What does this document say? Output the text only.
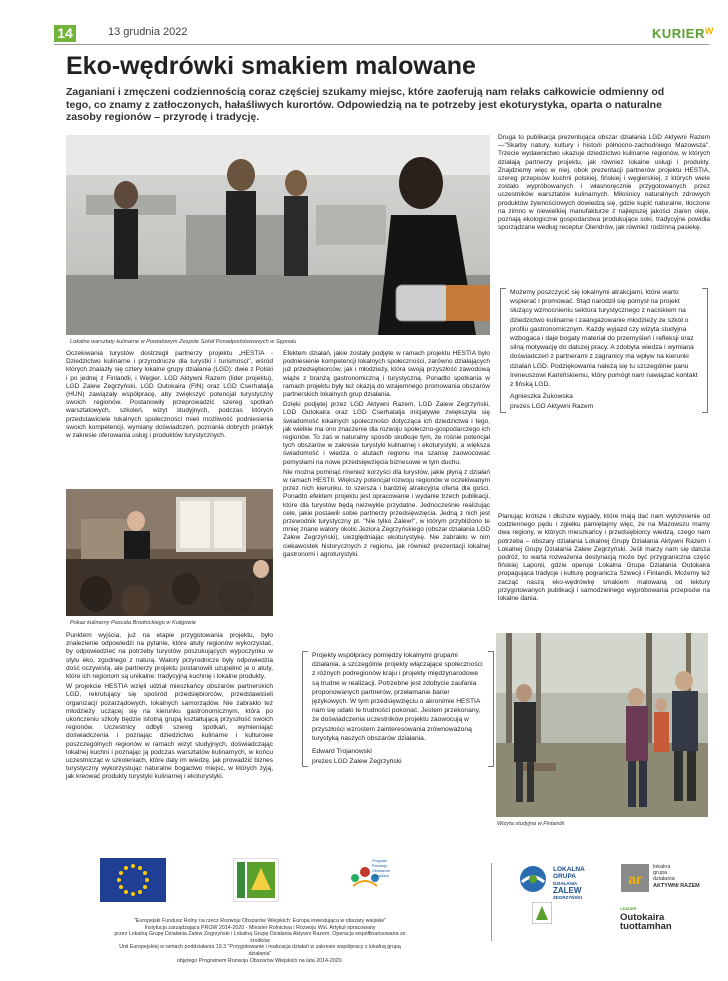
14	13 grudnia 2022	$KURIER^W$
Eko-wędrówki smakiem malowane

Zaganiani i zmęczeni codziennością coraz częściej szukamy miejsc, które zaoferują nam relaks całkowicie odmienny od tego, co znamy z zatłoczonych, hałaśliwych kurortów. Odpowiedzią na te potrzeby jest ekoturystyka, oparta o naturalne zasoby regionów – przyrodę i tradycję.

Lokalne warsztaty kulinarne w Powiatowym Zespole Szkół Ponadpodstawowych w Sępnolu
Druga to publikacja prezentująca obszar działania LGD Aktywni Razem—"Skarby natury, kultury i historii północno-zachodniego Mazowsza". Trzecie wydawnictwo ukazuje dziedzictwo kulinarne regionów, w których działają partnerzy projektu, jak również lokalne usługi i produkty. Znajdziemy więc w niej, obok prezentacji partnerów projektu HESTIA, szereg przepisów kuchni polskiej, fińskiej i węgierskiej, z których wiele zostało wypróbowanych i własnoręcznie przygotowanych przez uczestników warsztatów kulinarnych. Miłośnicy naturalnych zdrowych produktów żywnościowych dowiedzą się, gdzie kupić naturalne, tłoczone na zimno w niewielkiej manufakturze z najlepszej jakości ziaren oleje, poznają ekologiczne gospodarstwa produkujące soki, tradycyjne powidła sporządzane według receptur Olendrów, jak również rodzinną pasiekę.

Możemy poszczycić się lokalnymi atrakcjami, które warto wspierać i promować. Stąd narodził się pomysł na projekt służący wzmocnieniu sektora turystycznego z naciskiem na dziedzictwo kulinarne i zaangażowanie młodzieży ze szkół o profilu gastronomicznym. Każdy wyjazd czy wizyta studyjna wzbogaca i daje bogaty materiał do przemyśleń i refleksji oraz silną motywację do dalszej pracy. A zdobyta wiedza i wymiana doświadczeń z partnerami z zagranicy ma wpływ na kierunki działań LGD. Podziękowania należą się tu szczególnie panu Ireneuszowi Kamińskiemu, który pomógł nam nawiązać kontakt z fińską LGD.

Agnieszka Żukowska

prezes LGD Aktywni Razem

Oczekiwania turystów dostrzegli partnerzy projektu „HESTIA - Dziedzictwo kulinarne i przyrodnicze dla turystki i turismosci", wśród których znalazły się cztery lokalne grupy działania (LGD): dwie z Polski i po jednej z Finlandii, i Węgier. LGD Aktywni Razem (lider projektu), LGD Zalew Zegrzyński, LGD Outokaira (FIN) oraz LGD Cserhatalja (HUN) zawiązały współpracę, aby zwiększyć potencjał turystyczny swoich regionów. Postanowiły przeprowadzić szereg spotkań warsztatowych, szkoleń, wizyt studyjnych, podczas których przedstawiciele lokalnych społeczności mieli możliwość podniesienia swoich kompetencji, wymiany doświadczeń, poznania dobrych praktyk w zakresie oferowania usług i produktów turystycznych.

Efektem działań, jakie zostały podjęte w ramach projektu HESTIA było podniesienie kompetencji lokalnych społeczności, zarówno działających już przedsiębiorców, jak i młodzieży, która swoją przyszłość zawodową wiąże z branżą gastronomiczną i turystyczną. Ponadto spotkania w ramach projektu były też okazją do wzajemnego promowania obszarów partnerskich lokalnych grup działania.

Dzięki podjętej przez LGD Aktywni Razem, LGD Zalew Zegrzyński, LGD Outokaira oraz LGD Cserhatalja inicjatywie zwiększyła się świadomość lokalnych społeczności dotycząca ich dziedzictwa i tego, jak wielkie ma ono znaczenie dla rozwoju społeczno-gospodarczego ich regionów. To zaś w naturalny sposób skutkuje tym, że rośnie potencjał tych obszarów w zakresie turystyki kulinarnej i ekoturystyki, a większa świadomość i wiedza o atutach regionu ma szansę zaowocować pomysłami na nowe przedsięwzięcia biznesowe w tym duchu.

Nie można pominąć również korzyści dla turystów, jakie płyną z działań w ramach HESTII. Większy potencjał rozwoju regionów w oczekiwanym przez nich kierunku, to szersza i bardziej atrakcyjna oferta dla gości. Ponadto efektem projektu jest opracowanie i wydanie trzech publikacji, które dla turystów będą niezwykle przydatne. Jednocześnie realizując cele, jakie postawili sobie partnerzy przedsięwzięcia. Jedną z nich jest przewodnik turystyczny pt. "Nie tylko Zalew!", w którym przybliżono te mniej znane walory okolic Jeziora Zegrzyńskiego (obszar działania LGD Zalew Zegrzyński), uwzględniając ekoturystykę. Nie zabrakło w nim ciekawostek historycznych z regionu, jak również prezentacji lokalnej gastronomi i agroturystyki.

Pokaz kulinarny Pascala Brodnickiego w Kuligowie

Punktem wyjścia, już na etapie przygotowania projektu, było znalezienie odpowiedzi na pytanie, które atuty regionów wykorzystać, by odpowiedzieć na potrzeby turystów poszukujących wypoczynku w stylu eko, zgodnego z naturą. Walory przyrodnicze były odpowiedzia dość oczywistą, ale partnerzy projektu postanowili uzupełnić je o atuty, które ich regionom są unikalne: tradycyjną kuchnię i lokalne produkty.

W projekcie HESTIA wzięli udział mieszkańcy obszarów partnerskich LGD, rekrutujący się spośród przedsiębiorców, przedstawicieli organizacji pozarządowych, lokalnych samorządów. Nie zabrakło też młodzieży uczącej się na kierunku gastronomicznym, która po ukończeniu szkoły będzie istotną grupą kształtującą przyszłość swoich regionów. Uczestnicy odbyli szereg spotkań, wymieniając doświadczenia i poznając dziedzictwo kulinarne i kulturowe poszczególnych regionów w ramach wizyt studyjnych, doświadczając lokalnej kuchni i poznając ją podczas warsztatów kulinarnych, w końcu uczestnicząc w szkoleniach, które daly im wiedzę, jak prowadzić biznes turystyczny wykorzystując naturalne bogactwo miejsc, w których żyją, jak kreować produkty turystyki kulinarnej i ekoturystyki.

Planując krótsze i dłuższe wypady, które mają dać nam wytchnienie od codziennego pędu i zgiełku pamiętajmy więc, że na Mazowszu mamy dwa regiony, w których mieszkańcy i przedsiębiorcy wiedzą, czego nam potrzeba – obszary działania Lokalnej Grupy Działania Aktywni Razem i Lokalnej Grupy Działania Zalew Zegrzyński. Jeśli marzy nam się dalsza podróż, to warta rozważenia destynacją może być przygraniczna część fińskiej Laponii, gdzie operuje Lokalna Grupa Działania Outokaira propagująca tradycje i kulturę pogranicza Szwecji i Finlandii. Możemy też zacząć naszą eko-wędrówkę smakiem malowaną od lektury przygotowanych publikacji i samodzielnego wypróbowania przepisów na lokalne dania.

Projekty współpracy pomiędzy lokalnymi grupami działania, a szczególnie projekty włączające społeczności z różnych podregionów kraju i projekty międzynarodowe są trudne w realizacji. Potrzebne jest zdobycie zaufania proponowanych partnerów, przełamanie barier językowych. W tym przedsięwzięciu o akronimie HESTIA nam się udało te trudności pokonać. Jestem przekonany, że doświadczenia uczestników projektu zaowocują w przyszłości wzrostem zainteresowania zrównoważoną turystyką naszych obszarów działania.

Edward Trojanowski

prezes LGD Zalew Zegrzyński

Wizyta studyjna w Finlandii
Program
Rozwoju
Obszarów
Wiejskich
"Europejski Fundusz Rolny na rzecz Rozwoju Obszarów Wiejskich: Europa inwestująca w obszary wiejskie"
Instytucja zarządzająca PROW 2014-2020 - Minister Rolnictwa i Rozwoju Wsi. Artykuł opracowany
przez Lokalną Grupę Działania Zalew Zegrzyński i Lokalną Grupę Działania Aktywni Razem. Operacja współfinansowana ze środków
Unii Europejskiej w ramach poddziałania 19.3 "Przygotowanie i realizacja działań w zakresie współpracy z lokalną grupą działania"
objętego Programem Rozwoju Obszarów Wiejskich na lata 2014-2020.
LOKALNA
GRUPA
DZIAŁANIA
ZALEW
ZEGRZYŃSKI
ar
lokalna
grupa
działania
AKTYWNI RAZEM
LEADER
Outokaira
tuottamhan
